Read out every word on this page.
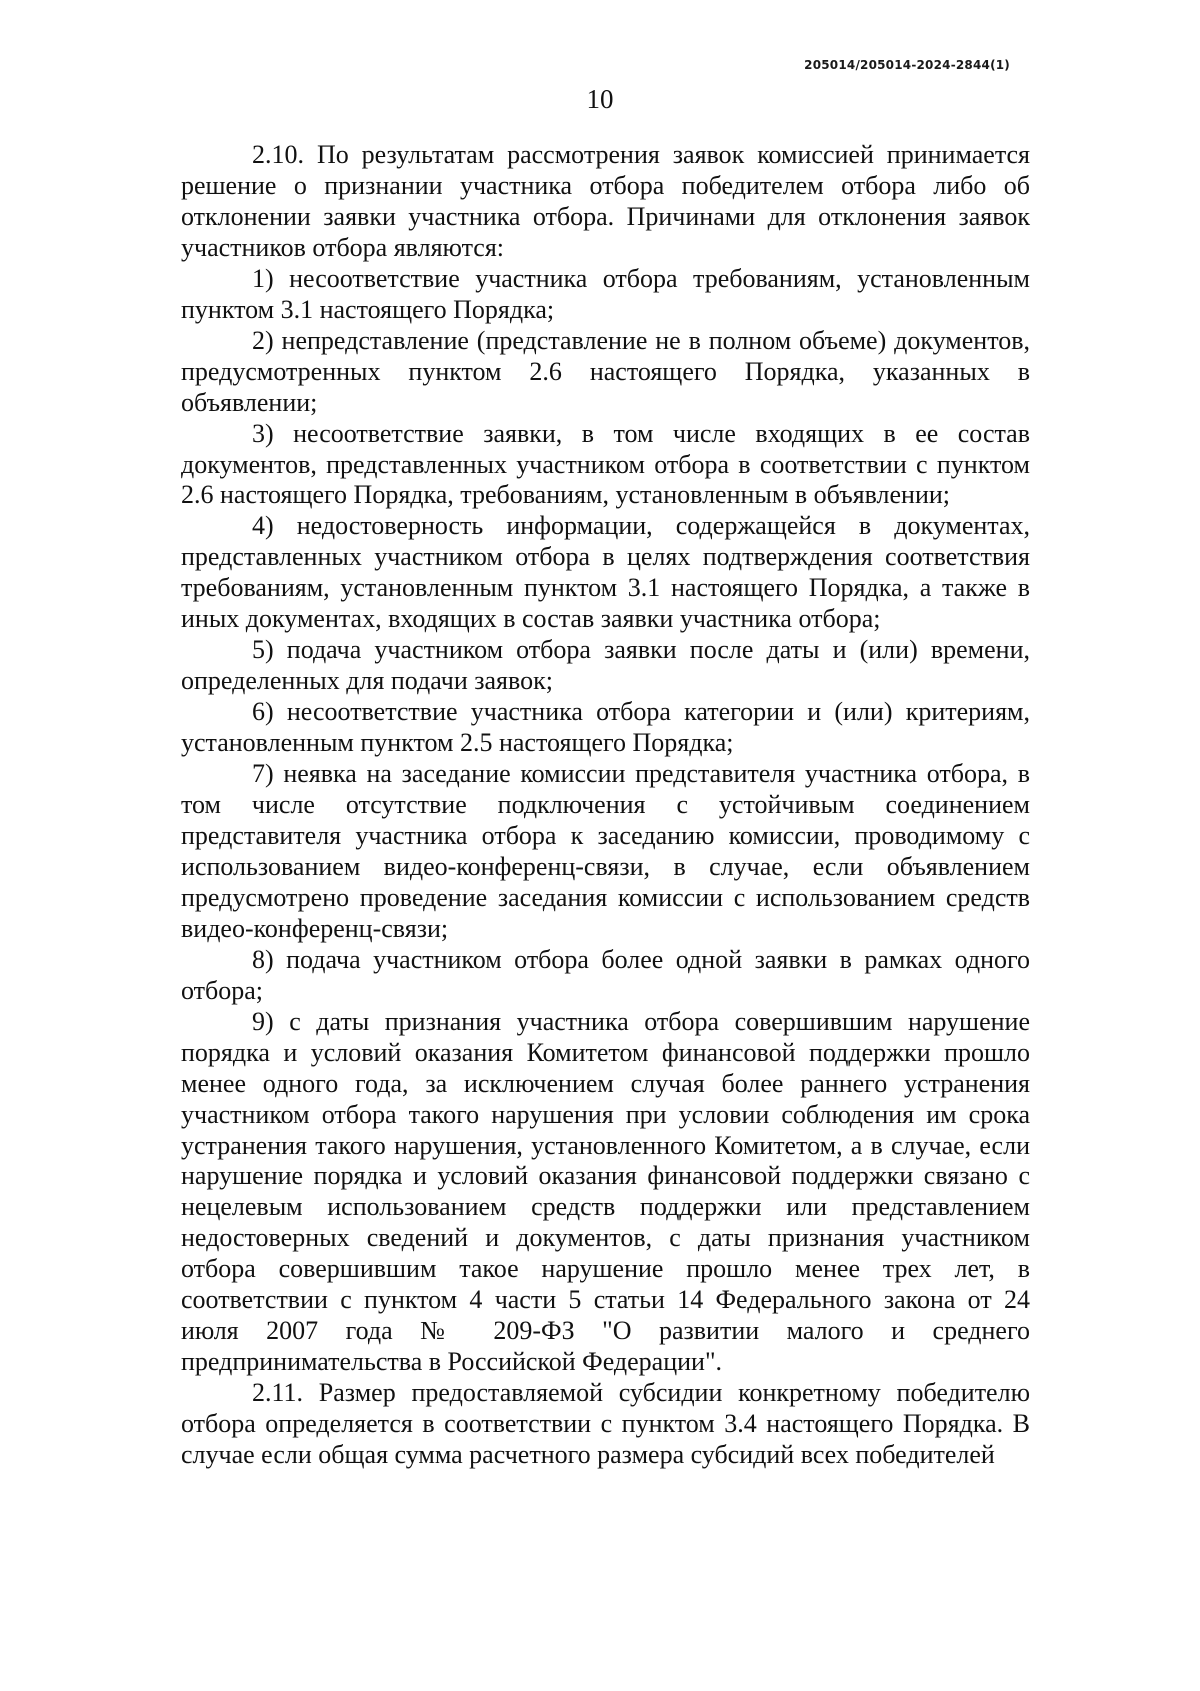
205014/205014-2024-2844(1)
10

2.10. По результатам рассмотрения заявок комиссией принимается решение о признании участника отбора победителем отбора либо об отклонении заявки участника отбора. Причинами для отклонения заявок участников отбора являются:

1) несоответствие участника отбора требованиям, установленным пунктом 3.1 настоящего Порядка;

2) непредставление (представление не в полном объеме) документов, предусмотренных пунктом 2.6 настоящего Порядка, указанных в объявлении;

3) несоответствие заявки, в том числе входящих в ее состав документов, представленных участником отбора в соответствии с пунктом 2.6 настоящего Порядка, требованиям, установленным в объявлении;

4) недостоверность информации, содержащейся в документах, представленных участником отбора в целях подтверждения соответствия требованиям, установленным пунктом 3.1 настоящего Порядка, а также в иных документах, входящих в состав заявки участника отбора;

5) подача участником отбора заявки после даты и (или) времени, определенных для подачи заявок;

6) несоответствие участника отбора категории и (или) критериям, установленным пунктом 2.5 настоящего Порядка;

7) неявка на заседание комиссии представителя участника отбора, в том числе отсутствие подключения с устойчивым соединением представителя участника отбора к заседанию комиссии, проводимому с использованием видео-конференц-связи, в случае, если объявлением предусмотрено проведение заседания комиссии с использованием средств видео-конференц-связи;

8) подача участником отбора более одной заявки в рамках одного отбора;

9) с даты признания участника отбора совершившим нарушение порядка и условий оказания Комитетом финансовой поддержки прошло менее одного года, за исключением случая более раннего устранения участником отбора такого нарушения при условии соблюдения им срока устранения такого нарушения, установленного Комитетом, а в случае, если нарушение порядка и условий оказания финансовой поддержки связано с нецелевым использованием средств поддержки или представлением недостоверных сведений и документов, с даты признания участником отбора совершившим такое нарушение прошло менее трех лет, в соответствии с пунктом 4 части 5 статьи 14 Федерального закона от 24 июля 2007 года № 209-ФЗ "О развитии малого и среднего предпринимательства в Российской Федерации".

2.11. Размер предоставляемой субсидии конкретному победителю отбора определяется в соответствии с пунктом 3.4 настоящего Порядка. В случае если общая сумма расчетного размера субсидий всех победителей
